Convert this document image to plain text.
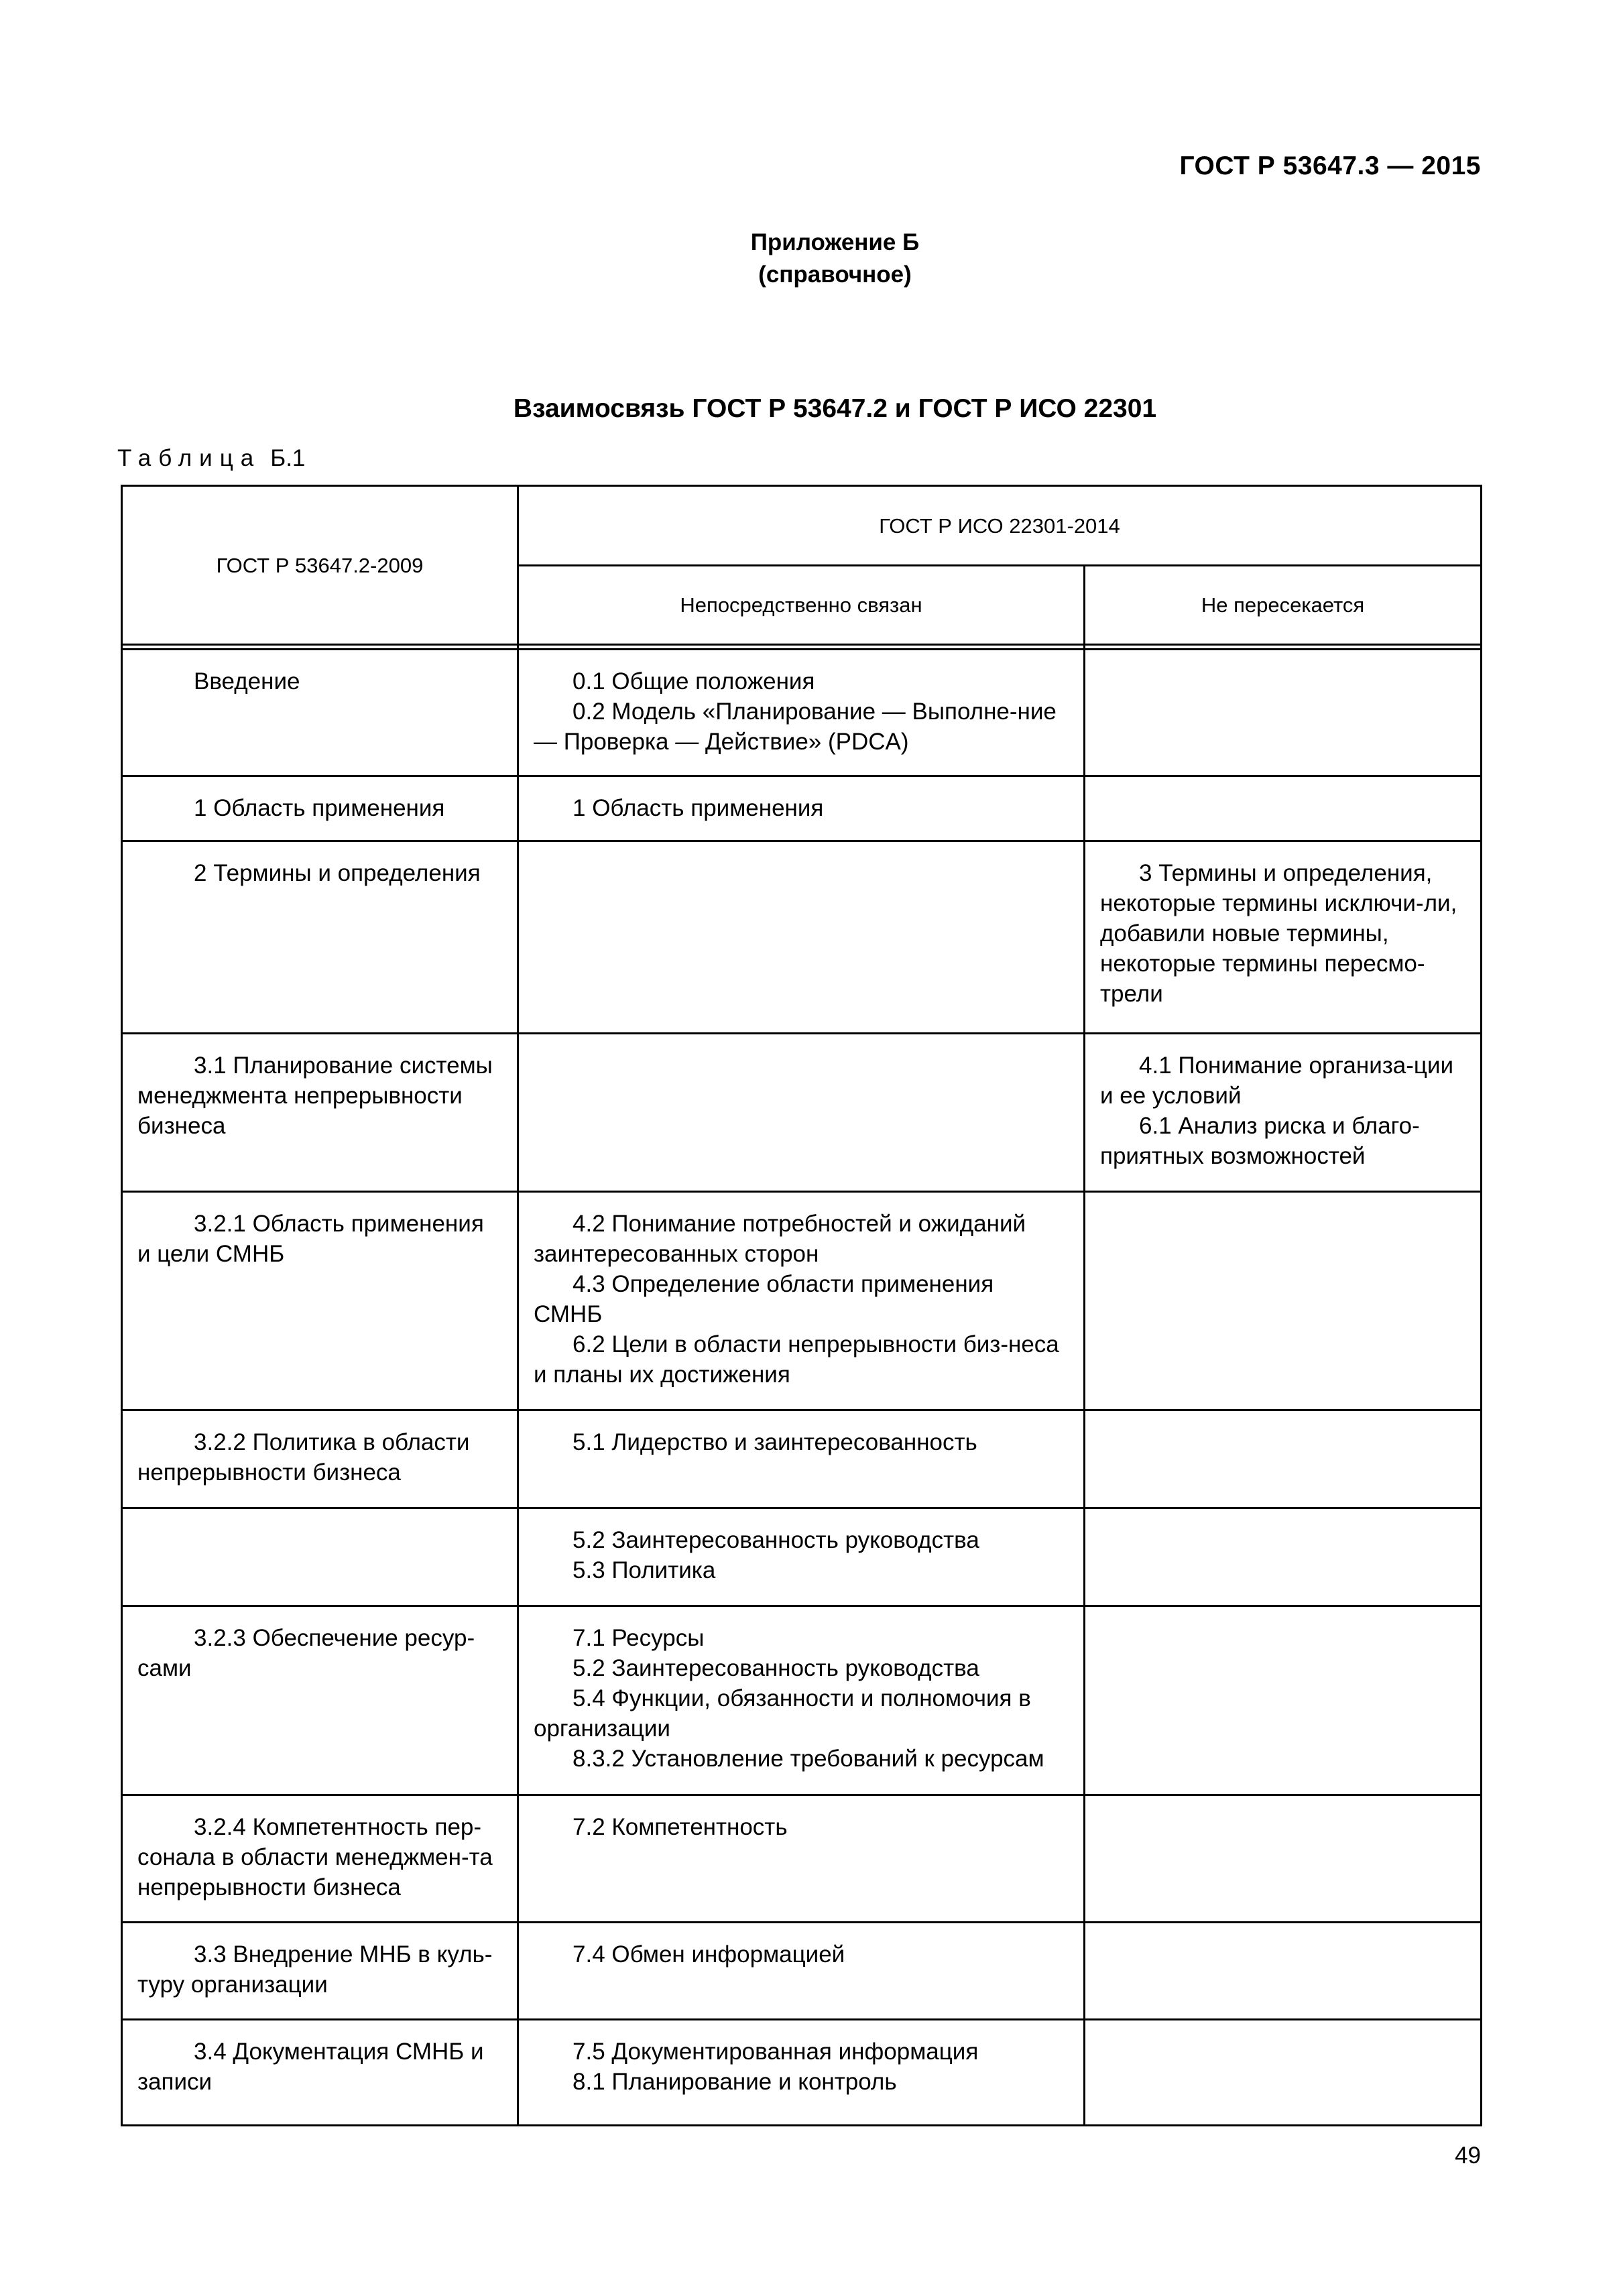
ГОСТ Р 53647.3 — 2015
Приложение Б
(справочное)
Взаимосвязь ГОСТ Р 53647.2 и ГОСТ Р ИСО 22301
Таблица Б.1
ГОСТ Р 53647.2-2009	ГОСТ Р ИСО 22301-2014	
	Непосредственно связан	Не пересекается

Введение	0.1 Общие положения
0.2 Модель «Планирование — Выполне-ние — Проверка — Действие» (PDCA)	

1 Область применения	1 Область применения	

2 Термины и определения		3 Термины и определения, некоторые термины исключи-ли, добавили новые термины, некоторые термины пересмо-трели

3.1 Планирование системы менеджмента непрерывности бизнеса		4.1 Понимание организа-ции и ее условий
6.1 Анализ риска и благо-приятных возможностей

3.2.1 Область применения и цели СМНБ	4.2 Понимание потребностей и ожиданий заинтересованных сторон
4.3 Определение области применения СМНБ
6.2 Цели в области непрерывности биз-неса и планы их достижения	

3.2.2 Политика в области непрерывности бизнеса	5.1 Лидерство и заинтересованность	

	5.2 Заинтересованность руководства
5.3 Политика	

3.2.3 Обеспечение ресур-сами	7.1 Ресурсы
5.2 Заинтересованность руководства
5.4 Функции, обязанности и полномочия в организации
8.3.2 Установление требований к ресурсам	

3.2.4 Компетентность пер-сонала в области менеджмен-та непрерывности бизнеса	7.2 Компетентность	

3.3 Внедрение МНБ в куль-туру организации	7.4 Обмен информацией	

3.4 Документация СМНБ и записи	7.5 Документированная информация
8.1 Планирование и контроль	

49
